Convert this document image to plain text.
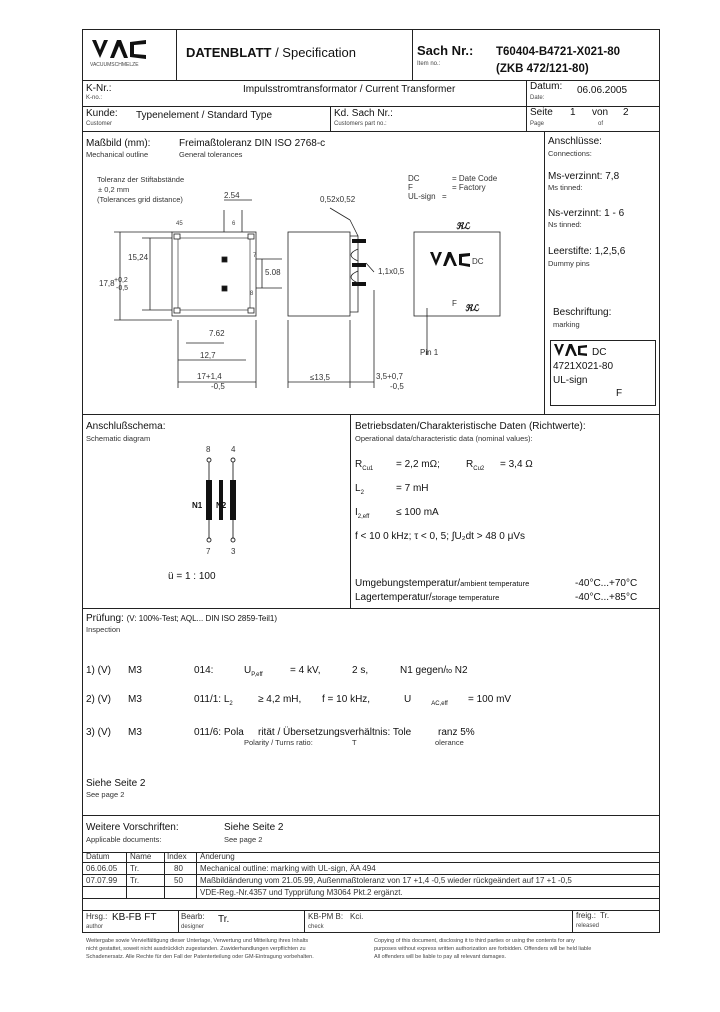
VACUUMSCHMELZE
DATENBLATT / Specification	Sach Nr.:
Item no.:
T60404-B4721-X021-80
(ZKB 472/121-80)
K-Nr.:
K-no.:
Impulsstromtransformator / Current Transformer	Datum:
Date:
06.06.2005
Kunde:
Customer
Typenelement / Standard Type	Kd. Sach Nr.:
Customers part no.:
Seite
Page
1 von
of
2
Maßbild (mm):
Mechanical outline
Freimaßtoleranz DIN ISO 2768-c
General tolerances
Toleranz der Stiftabstände
± 0,2 mm
(Tolerances grid distance)
ℜℒ
ℜℒ
2.54
45	6
15,24	7
5.08
8
17,8 +0,2
-0,5
7.62
12,7
17+1,4
-0,5
0,52x0,52
1,1x0,5
≤13,5	3,5+0,7
-0,5
DC	= Date Code
F	= Factory
UL-sign =
Pin 1
DC
F
Anschlüsse:
Connections:
Ms-verzinnt: 7,8
Ms tinned:
Ns-verzinnt: 1 - 6
Ns tinned:
Leerstifte: 1,2,5,6
Dummy pins
Beschriftung:
marking
DC
4721X021-80
UL-sign
F
Anschlußschema:
Schematic diagram
8	4
7	3
N1 N2
ü = 1 : 100
Betriebsdaten/Charakteristische Daten (Richtwerte):
Operational data/characteristic data (nominal values):
$R_{Cu1} = 2,2$ mΩ;	$R_{Cu2} = 3,4$ Ω
$L_2$	= 7 mH
$I_{2,eff}$	≤ 100 mA
f < 10 0 kHz; τ < 0, 5; ∫U₂dt > 48 0 μVs
Umgebungstemperatur/ambient temperature	-40°C...+70°C
Lagertemperatur/storage temperature	-40°C...+85°C
Prüfung: (V: 100%-Test; AQL... DIN ISO 2859-Teil1)
Inspection
1) (V) M3	014:	$U_{P,eff}$	= 4 kV,	2 s,	N1 gegen/to N2
2) (V) M3	011/1: $L_2$	≥ 4,2 mH, f = 10 kHz,	U	$_{AC,eff}$ = 100 mV
3) (V) M3	011/6: Pola rität / Übersetzungsverhältnis: Tole	ranz 5%
Polarity / Turns ratio:	T	olerance
Siehe Seite 2
See page 2
Weitere Vorschriften:
Applicable documents:
Siehe Seite 2
See page 2
Datum	Name Index Änderung
06.06.05 Tr.	80 Mechanical outline: marking with UL-sign, ÄA 494
07.07.99 Tr.	50 Maßbildänderung vom 21.05.99, Außenmaßtoleranz von 17 +1,4 -0,5 wieder rückgeändert auf 17 +1 -0,5
VDE-Reg.-Nr.4357 und Typprüfung M3064 Pkt.2 ergänzt.
Hrsg.: KB-FB FT
author
Bearb: Tr.
designer
KB-PM B: Kci.
check
freig.: Tr.
released
Weitergabe sowie Vervielfältigung dieser Unterlage, Verwertung und Mitteilung ihres Inhalts
nicht gestattet, soweit nicht ausdrücklich zugestanden. Zuwiderhandlungen verpflichten zu
Schadenersatz. Alle Rechte für den Fall der Patenterteilung oder GM-Eintragung vorbehalten.
Copying of this document, disclosing it to third parties or using the contents for any
purposes without express written authorization are forbidden. Offenders will be held liable
All offenders will be liable to pay all relevant damages.
